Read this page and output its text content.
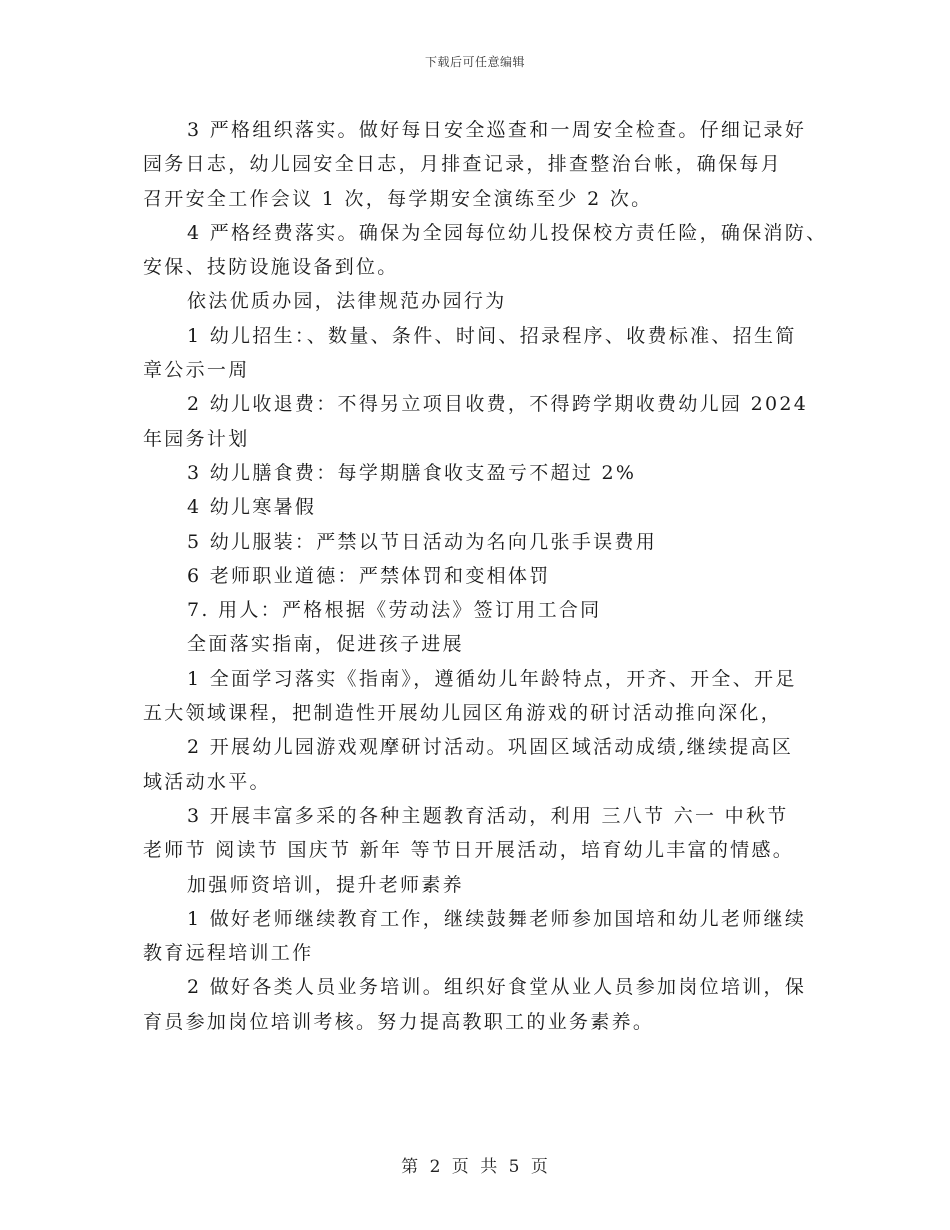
下载后可任意编辑
3 严格组织落实。做好每日安全巡查和一周安全检查。仔细记录好
园务日志，幼儿园安全日志，月排查记录，排查整治台帐，确保每月
召开安全工作会议 1 次，每学期安全演练至少 2 次。
4 严格经费落实。确保为全园每位幼儿投保校方责任险，确保消防、
安保、技防设施设备到位。
依法优质办园，法律规范办园行为
1 幼儿招生：、数量、条件、时间、招录程序、收费标准、招生简
章公示一周
2 幼儿收退费：不得另立项目收费，不得跨学期收费幼儿园 2024
年园务计划
3 幼儿膳食费：每学期膳食收支盈亏不超过 2%
4 幼儿寒暑假
5 幼儿服装：严禁以节日活动为名向几张手误费用
6 老师职业道德：严禁体罚和变相体罚
7. 用人：严格根据《劳动法》签订用工合同
全面落实指南，促进孩子进展
1 全面学习落实《指南》，遵循幼儿年龄特点，开齐、开全、开足
五大领域课程，把制造性开展幼儿园区角游戏的研讨活动推向深化，
2 开展幼儿园游戏观摩研讨活动。巩固区域活动成绩,继续提高区
域活动水平。
3 开展丰富多采的各种主题教育活动，利用 三八节 六一 中秋节
老师节 阅读节 国庆节 新年 等节日开展活动，培育幼儿丰富的情感。
加强师资培训，提升老师素养
1 做好老师继续教育工作，继续鼓舞老师参加国培和幼儿老师继续
教育远程培训工作
2 做好各类人员业务培训。组织好食堂从业人员参加岗位培训，保
育员参加岗位培训考核。努力提高教职工的业务素养。
第 2 页 共 5 页
